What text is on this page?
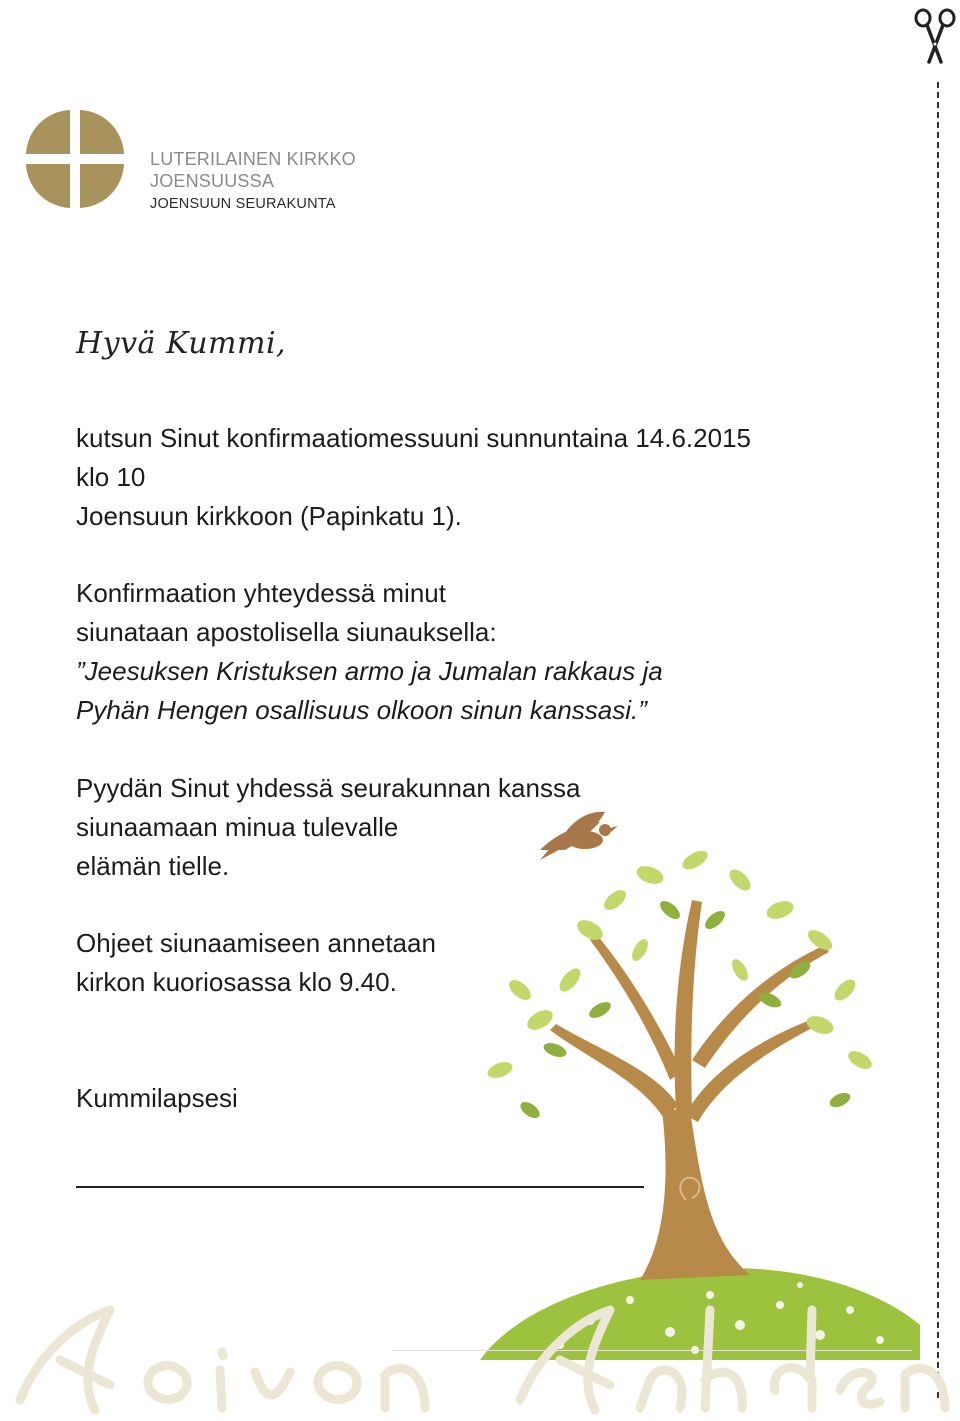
LUTERILAINEN KIRKKO JOENSUUSSA
JOENSUUN SEURAKUNTA
Hyvä Kummi,

kutsun Sinut konfirmaatiomessuuni sunnuntaina 14.6.2015

klo 10

Joensuun kirkkoon (Papinkatu 1).

Konfirmaation yhteydessä minut

siunataan apostolisella siunauksella:

”Jeesuksen Kristuksen armo ja Jumalan rakkaus ja

Pyhän Hengen osallisuus olkoon sinun kanssasi.”

Pyydän Sinut yhdessä seurakunnan kanssa

siunaamaan minua tulevalle

elämän tielle.

Ohjeet siunaamiseen annetaan

kirkon kuoriosassa klo 9.40.

Kummilapsesi
